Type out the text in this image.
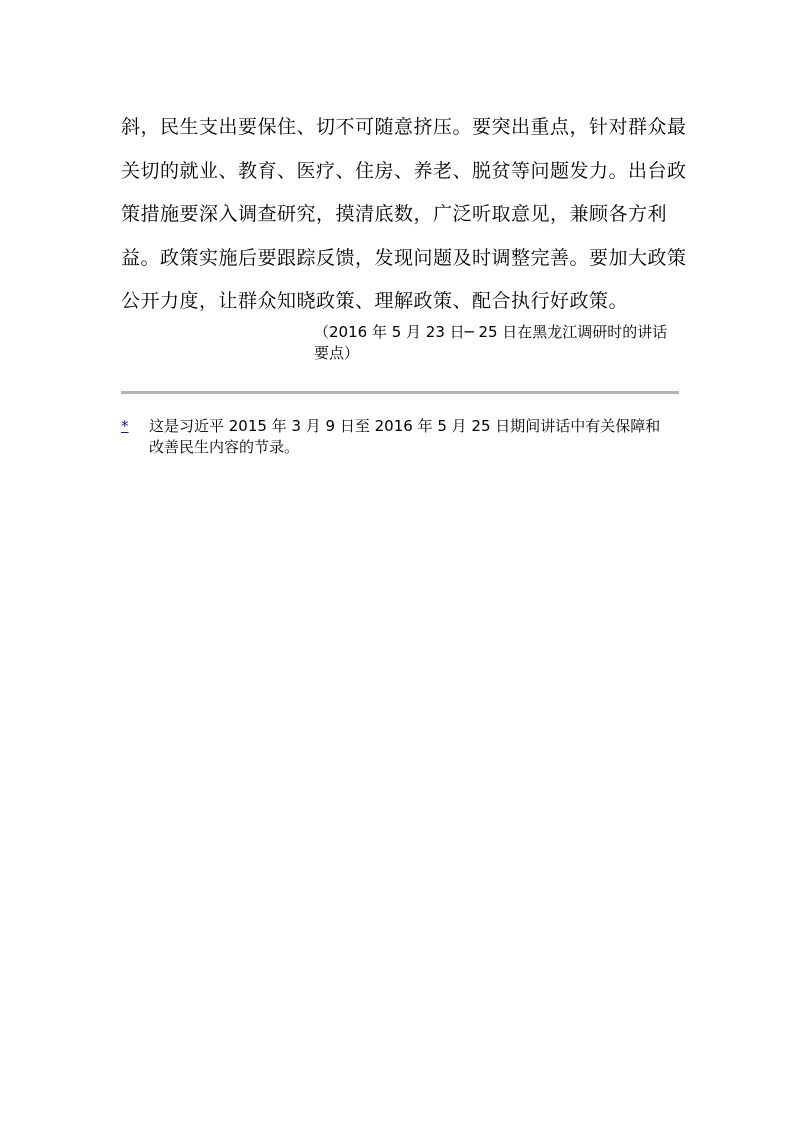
斜，民生支出要保住、切不可随意挤压。要突出重点，针对群众最
关切的就业、教育、医疗、住房、养老、脱贫等问题发力。出台政
策措施要深入调查研究，摸清底数，广泛听取意见，兼顾各方利
益。政策实施后要跟踪反馈，发现问题及时调整完善。要加大政策
公开力度，让群众知晓政策、理解政策、配合执行好政策。
（2016 年 5 月 23 日─ 25 日在黑龙江调研时的讲话
要点）
* 这是习近平 2015 年 3 月 9 日至 2016 年 5 月 25 日期间讲话中有关保障和
改善民生内容的节录。
